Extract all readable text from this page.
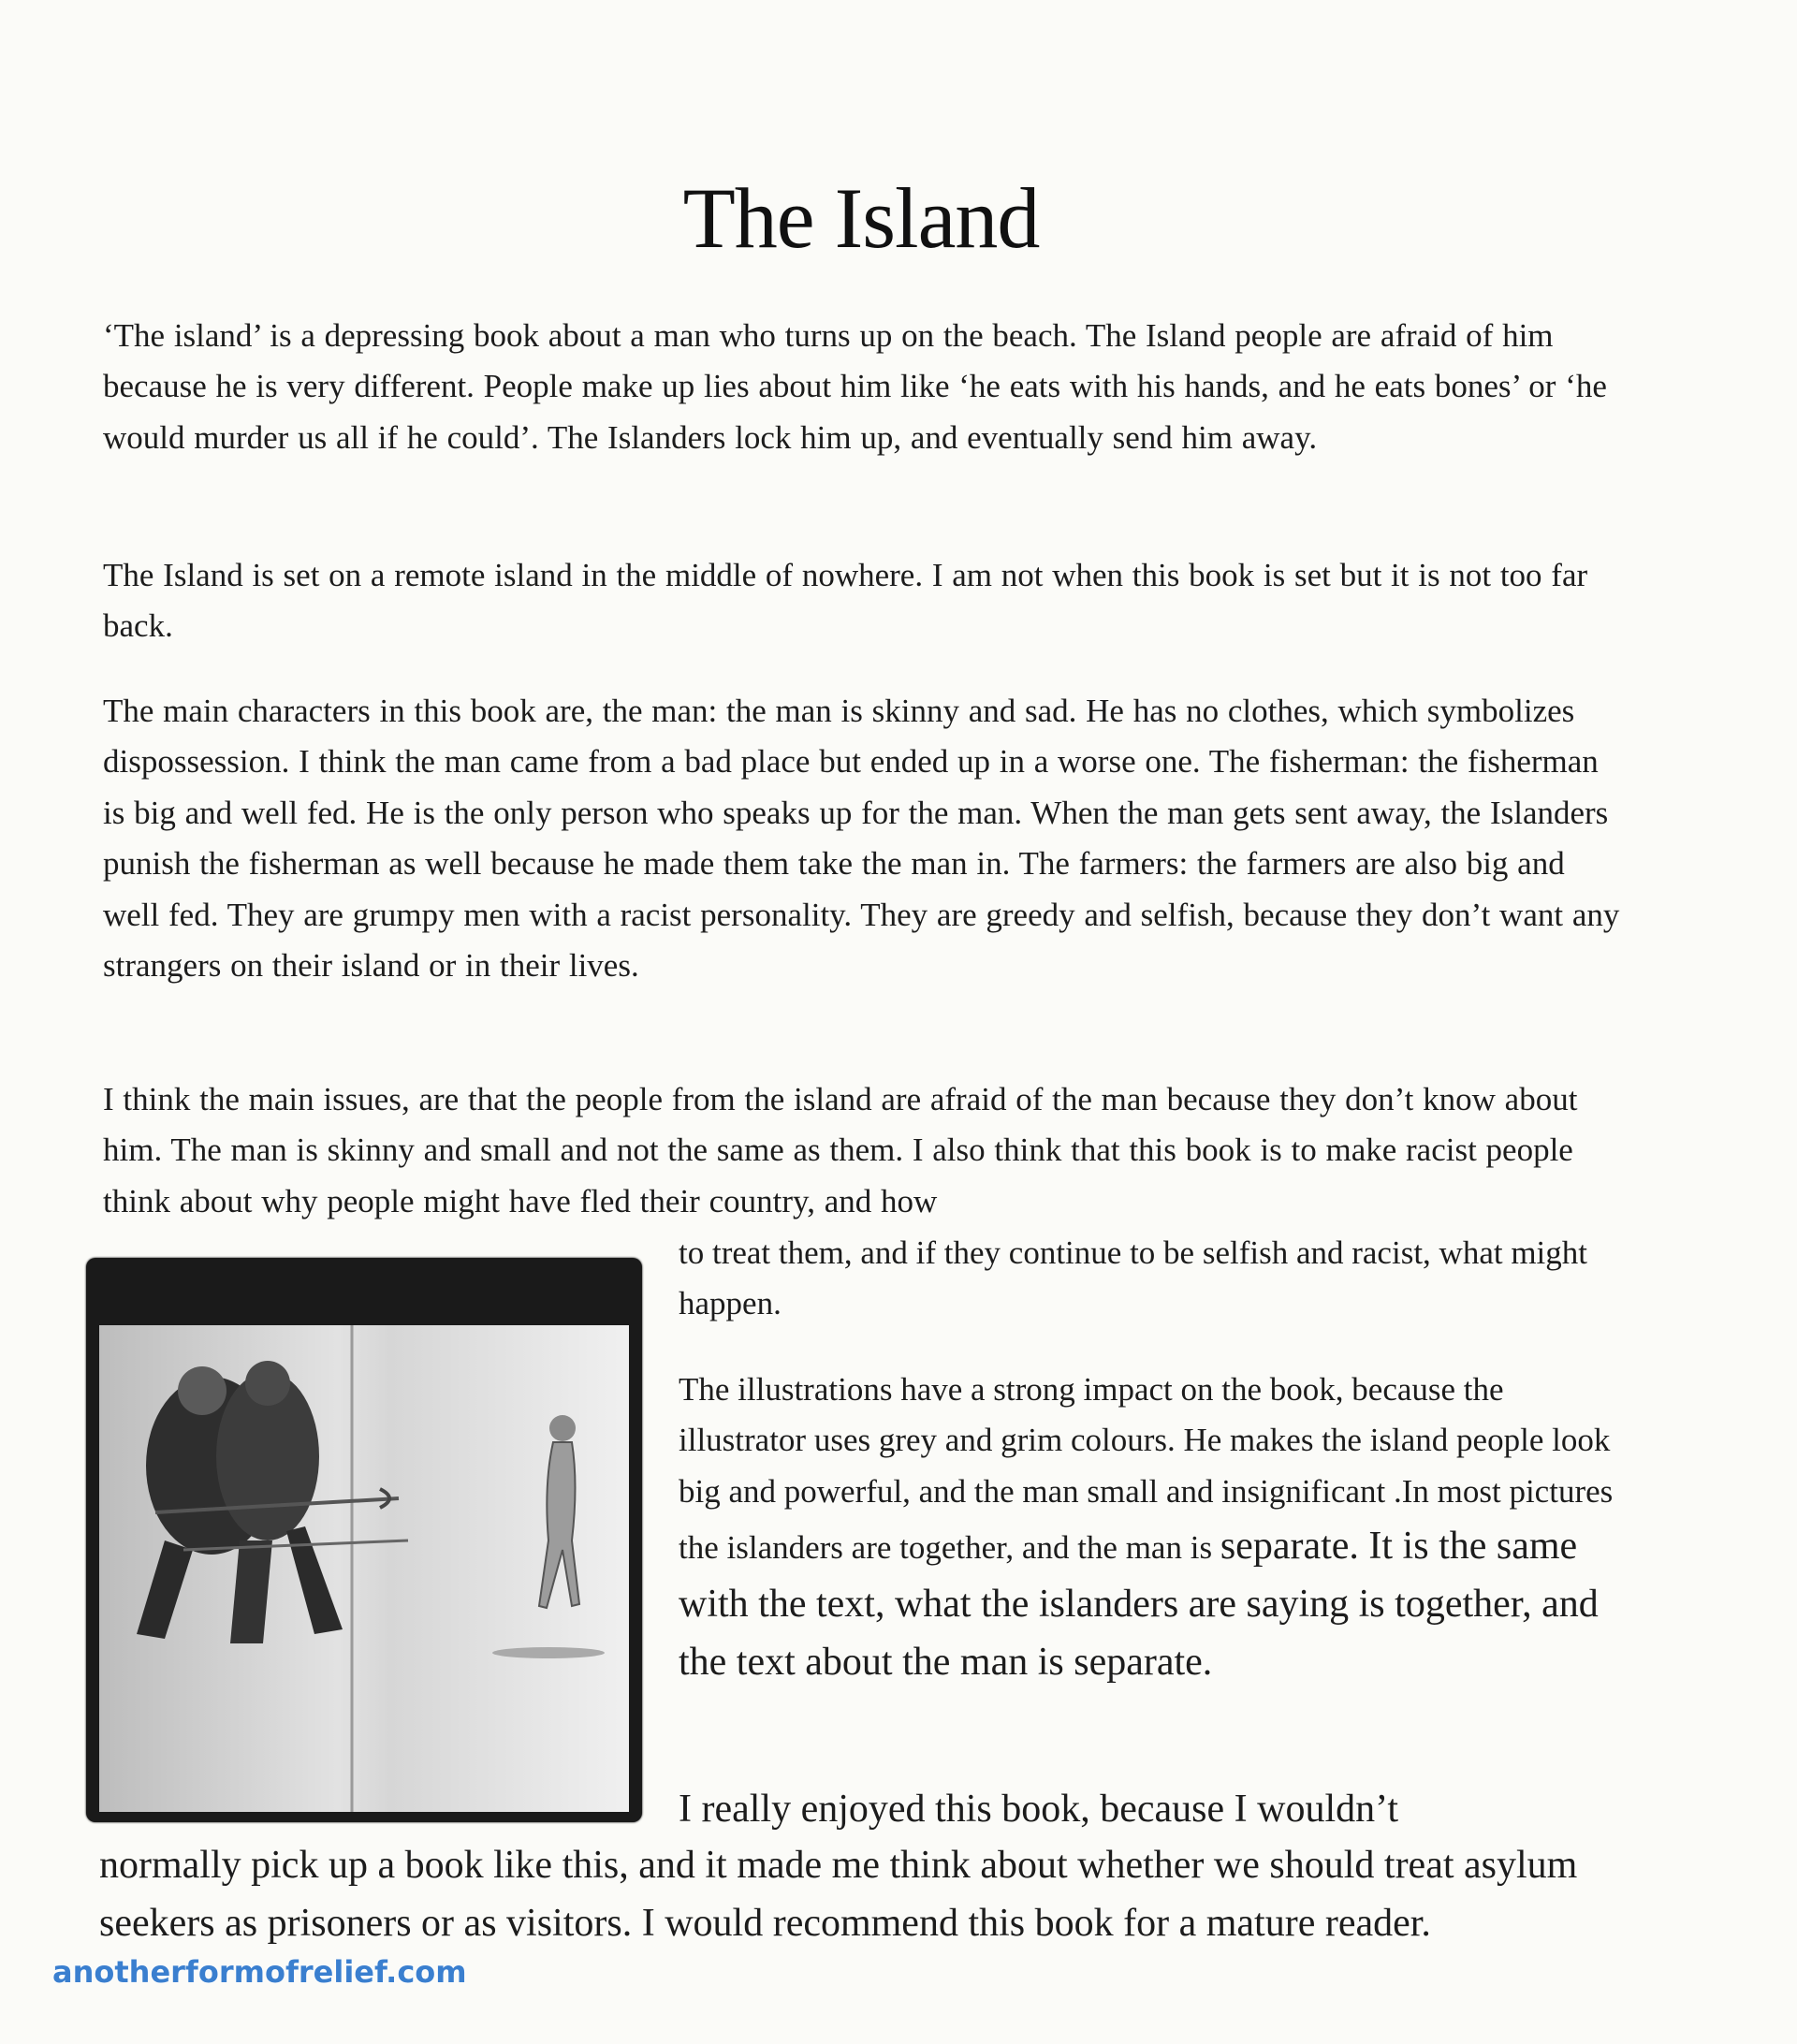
The Island

‘The island’ is a depressing book about a man who turns up on the beach. The Island people are afraid of him because he is very different. People make up lies about him like ‘he eats with his hands, and he eats bones’ or ‘he would murder us all if he could’. The Islanders lock him up, and eventually send him away.

The Island is set on a remote island in the middle of nowhere. I am not when this book is set but it is not too far back.

The main characters in this book are, the man: the man is skinny and sad. He has no clothes, which symbolizes dispossession. I think the man came from a bad place but ended up in a worse one. The fisherman: the fisherman is big and well fed. He is the only person who speaks up for the man. When the man gets sent away, the Islanders punish the fisherman as well because he made them take the man in. The farmers: the farmers are also big and well fed. They are grumpy men with a racist personality. They are greedy and selfish, because they don’t want any strangers on their island or in their lives.

I think the main issues, are that the people from the island are afraid of the man because they don’t know about him. The man is skinny and small and not the same as them. I also think that this book is to make racist people think about why people might have fled their country, and how

to treat them, and if they continue to be selfish and racist, what might happen.

The illustrations have a strong impact on the book, because the illustrator uses grey and grim colours. He makes the island people look big and powerful, and the man small and insignificant .In most pictures the islanders are together, and the man is separate. It is the same with the text, what the islanders are saying is together, and the text about the man is separate.

I really enjoyed this book, because I wouldn’t

normally pick up a book like this, and it made me think about whether we should treat asylum seekers as prisoners or as visitors. I would recommend this book for a mature reader.

anotherformofrelief.com
